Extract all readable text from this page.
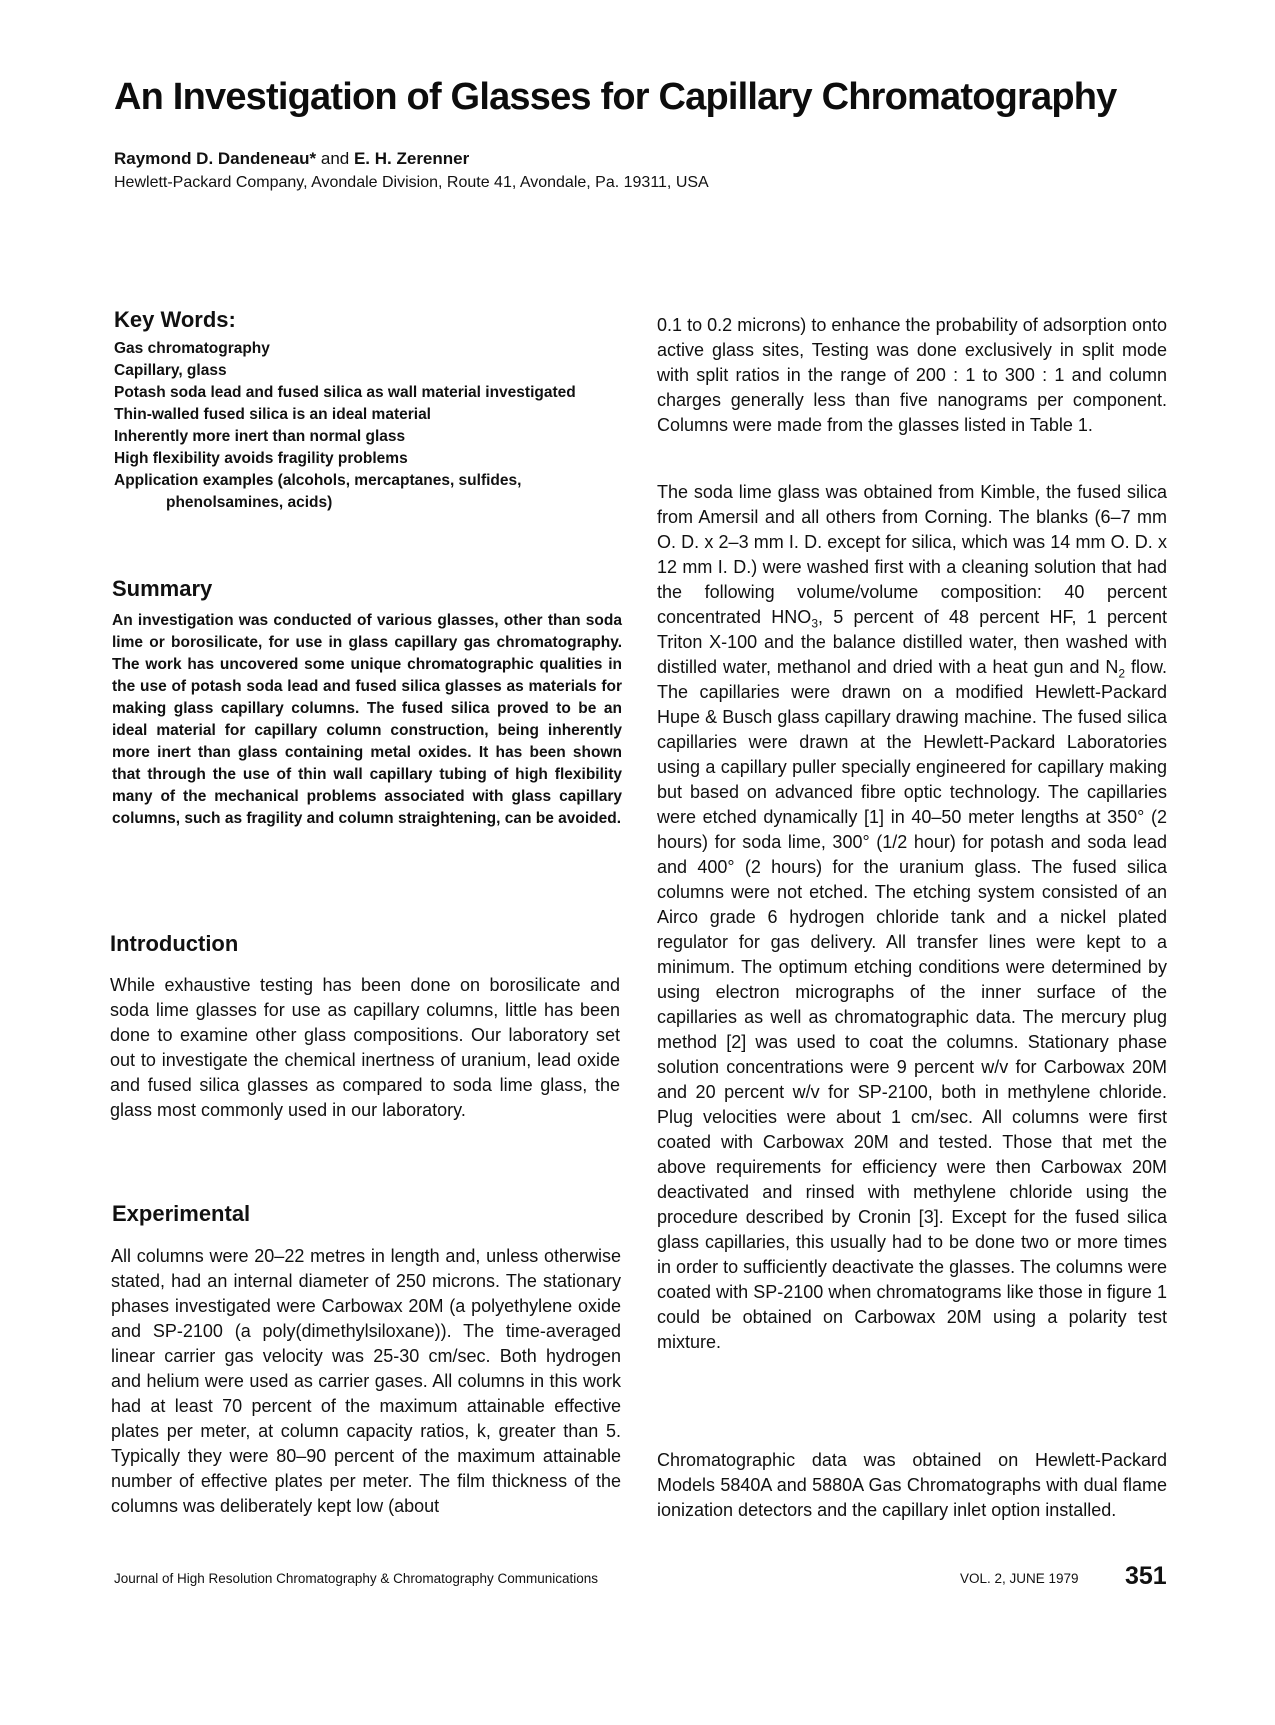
An Investigation of Glasses for Capillary Chromatography
Raymond D. Dandeneau* and E. H. Zerenner
Hewlett-Packard Company, Avondale Division, Route 41, Avondale, Pa. 19311, USA
Key Words:
Gas chromatography
Capillary, glass
Potash soda lead and fused silica as wall material investigated
Thin-walled fused silica is an ideal material
Inherently more inert than normal glass
High flexibility avoids fragility problems
Application examples (alcohols, mercaptanes, sulfides,
phenolsamines, acids)
Summary

An investigation was conducted of various glasses, other than soda lime or borosilicate, for use in glass capillary gas chromatography. The work has uncovered some unique chromatographic qualities in the use of potash soda lead and fused silica glasses as materials for making glass capillary columns. The fused silica proved to be an ideal material for capillary column construction, being inherently more inert than glass containing metal oxides. It has been shown that through the use of thin wall capillary tubing of high flexibility many of the mechanical problems associated with glass capillary columns, such as fragility and column straightening, can be avoided.

Introduction

While exhaustive testing has been done on borosilicate and soda lime glasses for use as capillary columns, little has been done to examine other glass compositions. Our laboratory set out to investigate the chemical inertness of uranium, lead oxide and fused silica glasses as compared to soda lime glass, the glass most commonly used in our laboratory.

Experimental

All columns were 20–22 metres in length and, unless otherwise stated, had an internal diameter of 250 microns. The stationary phases investigated were Carbowax 20M (a polyethylene oxide and SP-2100 (a poly(dimethylsiloxane)). The time-averaged linear carrier gas velocity was 25-30 cm/sec. Both hydrogen and helium were used as carrier gases. All columns in this work had at least 70 percent of the maximum attainable effective plates per meter, at column capacity ratios, k, greater than 5. Typically they were 80–90 percent of the maximum attainable number of effective plates per meter. The film thickness of the columns was deliberately kept low (about

0.1 to 0.2 microns) to enhance the probability of adsorption onto active glass sites, Testing was done exclusively in split mode with split ratios in the range of 200 : 1 to 300 : 1 and column charges generally less than five nanograms per component. Columns were made from the glasses listed in Table 1.

The soda lime glass was obtained from Kimble, the fused silica from Amersil and all others from Corning. The blanks (6–7 mm O. D. x 2–3 mm I. D. except for silica, which was 14 mm O. D. x 12 mm I. D.) were washed first with a cleaning solution that had the following volume/volume composition: 40 percent concentrated $HNO_3$, 5 percent of 48 percent HF, 1 percent Triton X-100 and the balance distilled water, then washed with distilled water, methanol and dried with a heat gun and $N_2$ flow. The capillaries were drawn on a modified Hewlett-Packard Hupe & Busch glass capillary drawing machine. The fused silica capillaries were drawn at the Hewlett-Packard Laboratories using a capillary puller specially engineered for capillary making but based on advanced fibre optic technology. The capillaries were etched dynamically [1] in 40–50 meter lengths at 350° (2 hours) for soda lime, 300° (1/2 hour) for potash and soda lead and 400° (2 hours) for the uranium glass. The fused silica columns were not etched. The etching system consisted of an Airco grade 6 hydrogen chloride tank and a nickel plated regulator for gas delivery. All transfer lines were kept to a minimum. The optimum etching conditions were determined by using electron micrographs of the inner surface of the capillaries as well as chromatographic data. The mercury plug method [2] was used to coat the columns. Stationary phase solution concentrations were 9 percent w/v for Carbowax 20M and 20 percent w/v for SP-2100, both in methylene chloride. Plug velocities were about 1 cm/sec. All columns were first coated with Carbowax 20M and tested. Those that met the above requirements for efficiency were then Carbowax 20M deactivated and rinsed with methylene chloride using the procedure described by Cronin [3]. Except for the fused silica glass capillaries, this usually had to be done two or more times in order to sufficiently deactivate the glasses. The columns were coated with SP-2100 when chromatograms like those in figure 1 could be obtained on Carbowax 20M using a polarity test mixture.

Chromatographic data was obtained on Hewlett-Packard Models 5840A and 5880A Gas Chromatographs with dual flame ionization detectors and the capillary inlet option installed.

Journal of High Resolution Chromatography & Chromatography Communications	VOL. 2, JUNE 1979 351
